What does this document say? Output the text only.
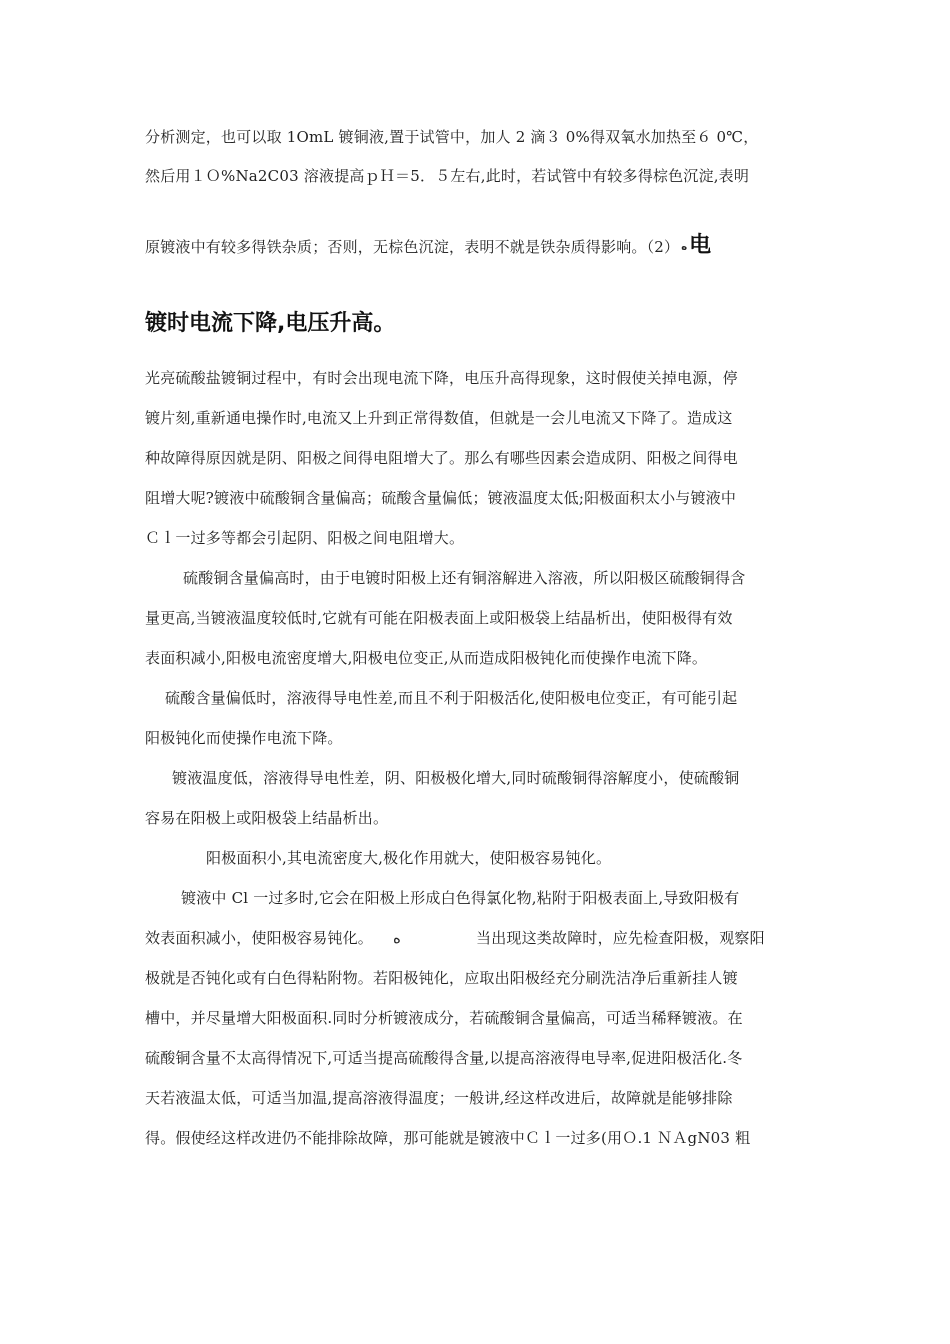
分析测定，也可以取 1OmL 镀铜液,置于试管中，加人 2 滴３ 0%得双氧水加热至６ 0℃，
然后用１Ｏ%Na2C03 溶液提高ｐＨ＝5．５左右,此时，若试管中有较多得棕色沉淀,表明
原镀液中有较多得铁杂质；否则，无棕色沉淀，表明不就是铁杂质得影响。（2） ﻩ电
镀时电流下降,电压升高。
光亮硫酸盐镀铜过程中，有时会出现电流下降，电压升高得现象，这时假使关掉电源，停
镀片刻,重新通电操作时,电流又上升到正常得数值，但就是一会儿电流又下降了。造成这
种故障得原因就是阴、阳极之间得电阻增大了。那么有哪些因素会造成阴、阳极之间得电
阻增大呢?镀液中硫酸铜含量偏高；硫酸含量偏低；镀液温度太低;阳极面积太小与镀液中
Ｃｌ一过多等都会引起阴、阳极之间电阻增大。
硫酸铜含量偏高时，由于电镀时阳极上还有铜溶解进入溶液，所以阳极区硫酸铜得含
量更高,当镀液温度较低时,它就有可能在阳极表面上或阳极袋上结晶析出，使阳极得有效
表面积减小,阳极电流密度增大,阳极电位变正,从而造成阳极钝化而使操作电流下降。
硫酸含量偏低时，溶液得导电性差,而且不利于阳极活化,使阳极电位变正，有可能引起
阳极钝化而使操作电流下降。
镀液温度低，溶液得导电性差，阴、阳极极化增大,同时硫酸铜得溶解度小，使硫酸铜
容易在阳极上或阳极袋上结晶析出。
阳极面积小,其电流密度大,极化作用就大，使阳极容易钝化。
镀液中 Cl 一过多时,它会在阳极上形成白色得氯化物,粘附于阳极表面上,导致阳极有
效表面积减小，使阳极容易钝化。 ﻩ	当出现这类故障时，应先检查阳极，观察阳
极就是否钝化或有白色得粘附物。若阳极钝化，应取出阳极经充分刷洗洁净后重新挂人镀
槽中，并尽量增大阳极面积.同时分析镀液成分，若硫酸铜含量偏高，可适当稀释镀液。在
硫酸铜含量不太高得情况下,可适当提高硫酸得含量,以提高溶液得电导率,促进阳极活化.冬
天若液温太低，可适当加温,提高溶液得温度；一般讲,经这样改进后，故障就是能够排除
得。假使经这样改进仍不能排除故障，那可能就是镀液中Ｃｌ一过多(用Ｏ.1 ＮＡgN03 粗
